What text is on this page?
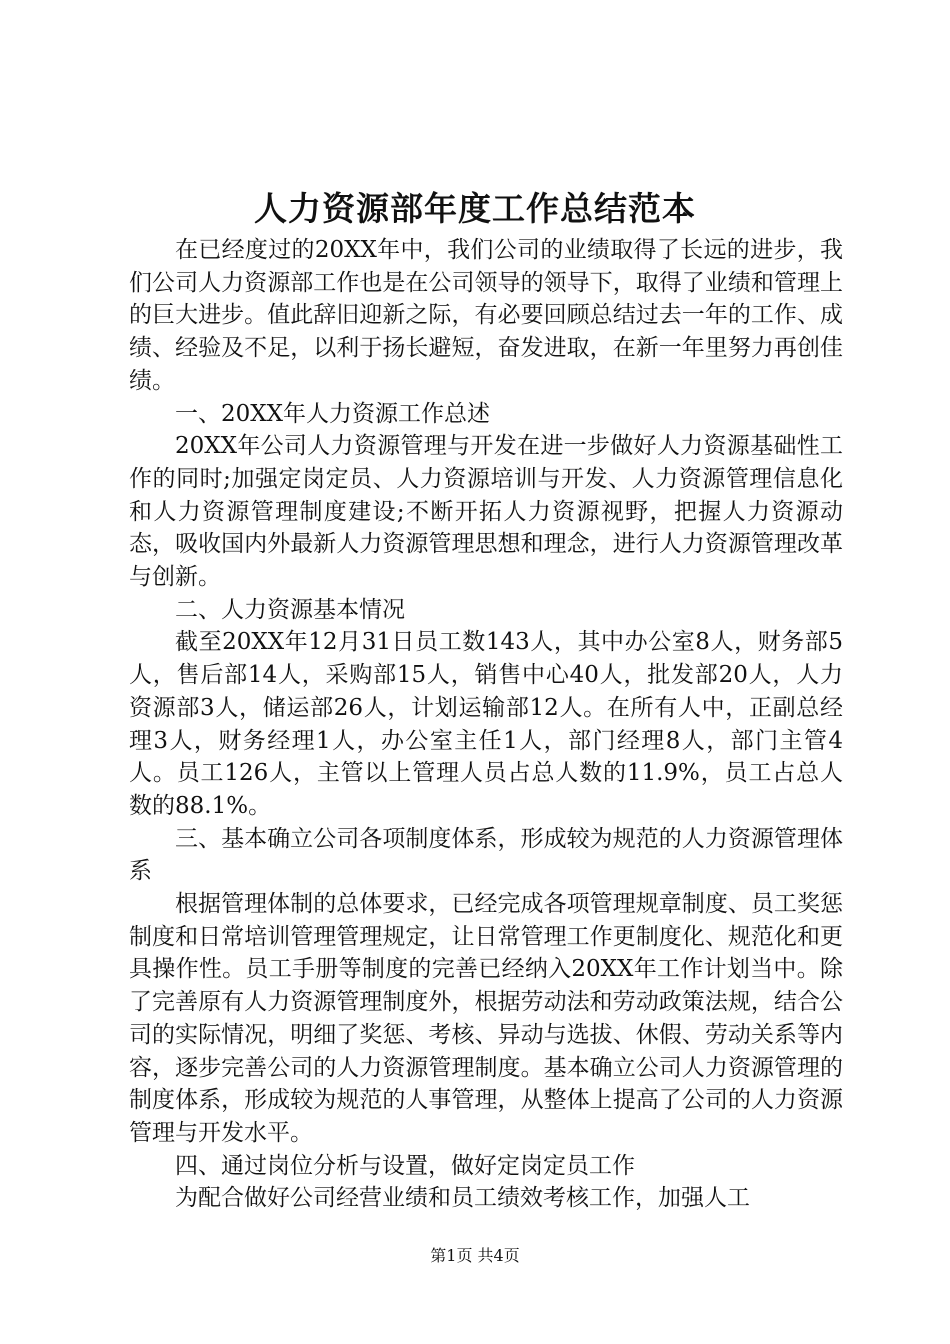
人力资源部年度工作总结范本

在已经度过的20XX年中，我们公司的业绩取得了长远的进步，我们公司人力资源部工作也是在公司领导的领导下，取得了业绩和管理上的巨大进步。值此辞旧迎新之际，有必要回顾总结过去一年的工作、成绩、经验及不足，以利于扬长避短，奋发进取，在新一年里努力再创佳绩。

一、20XX年人力资源工作总述

20XX年公司人力资源管理与开发在进一步做好人力资源基础性工作的同时;加强定岗定员、人力资源培训与开发、人力资源管理信息化和人力资源管理制度建设;不断开拓人力资源视野，把握人力资源动态，吸收国内外最新人力资源管理思想和理念，进行人力资源管理改革与创新。

二、人力资源基本情况

截至20XX年12月31日员工数143人，其中办公室8人，财务部5人，售后部14人，采购部15人，销售中心40人，批发部20人，人力资源部3人，储运部26人，计划运输部12人。在所有人中，正副总经理3人，财务经理1人，办公室主任1人，部门经理8人，部门主管4人。员工126人，主管以上管理人员占总人数的11.9%，员工占总人数的88.1%。

三、基本确立公司各项制度体系，形成较为规范的人力资源管理体系

根据管理体制的总体要求，已经完成各项管理规章制度、员工奖惩制度和日常培训管理管理规定，让日常管理工作更制度化、规范化和更具操作性。员工手册等制度的完善已经纳入20XX年工作计划当中。除了完善原有人力资源管理制度外，根据劳动法和劳动政策法规，结合公司的实际情况，明细了奖惩、考核、异动与选拔、休假、劳动关系等内容，逐步完善公司的人力资源管理制度。基本确立公司人力资源管理的制度体系，形成较为规范的人事管理，从整体上提高了公司的人力资源管理与开发水平。

四、通过岗位分析与设置，做好定岗定员工作

为配合做好公司经营业绩和员工绩效考核工作，加强人工

第1页 共4页
